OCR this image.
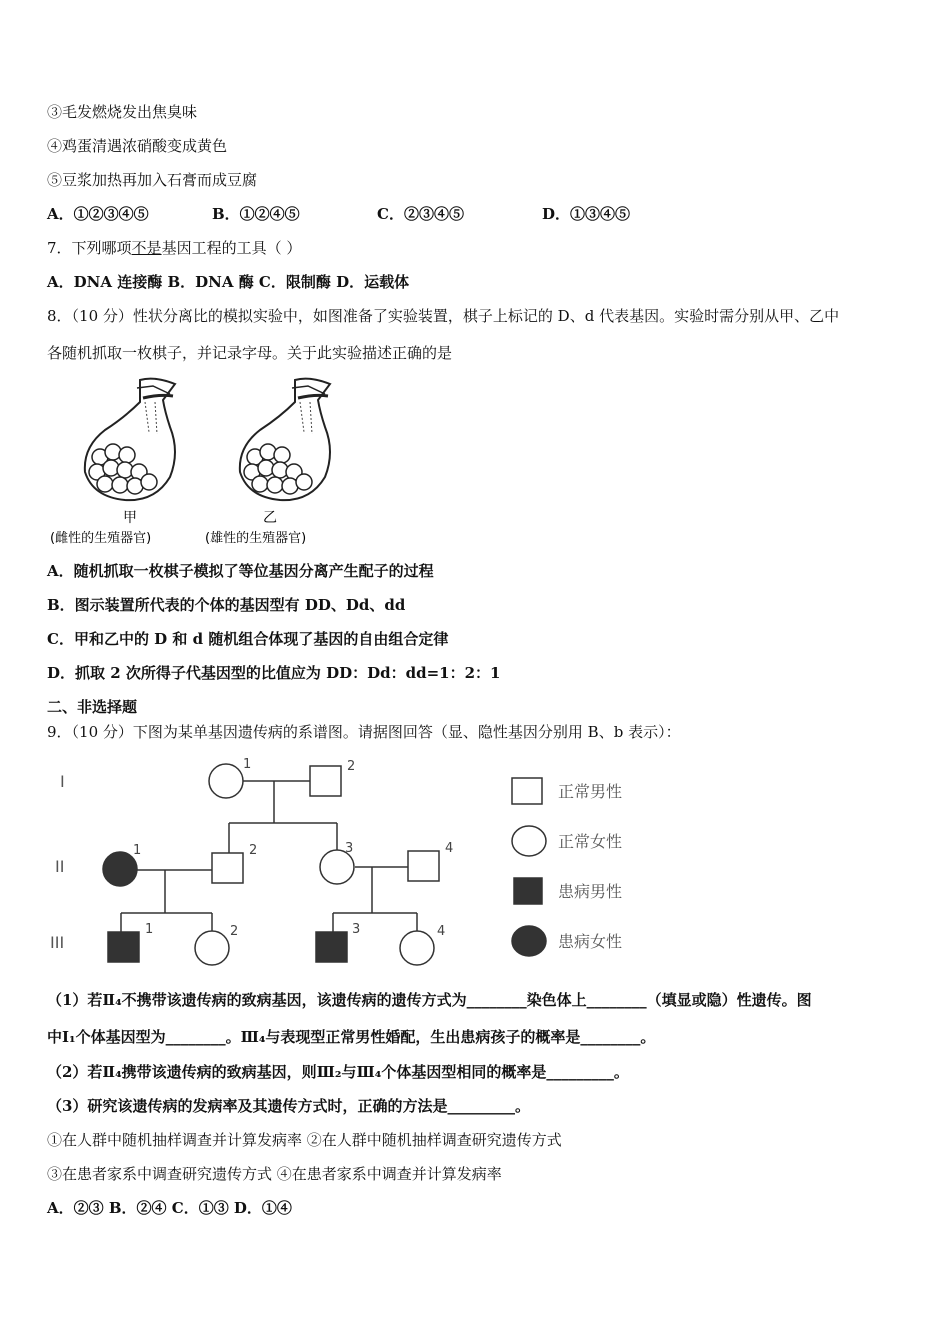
③毛发燃烧发出焦臭味
④鸡蛋清遇浓硝酸变成黄色
⑤豆浆加热再加入石膏而成豆腐
A．①②③④⑤	B．①②④⑤	C．②③④⑤	D．①③④⑤
7．下列哪项不是基因工程的工具（ ）
A．DNA 连接酶 B．DNA 酶 C．限制酶 D．运载体
8．（10 分）性状分离比的模拟实验中，如图准备了实验装置，棋子上标记的 D、d 代表基因。实验时需分别从甲、乙中
各随机抓取一枚棋子，并记录字母。关于此实验描述正确的是
甲
(雌性的生殖器官)
乙
(雄性的生殖器官)
A．随机抓取一枚棋子模拟了等位基因分离产生配子的过程
B．图示装置所代表的个体的基因型有 DD、Dd、dd
C．甲和乙中的 D 和 d 随机组合体现了基因的自由组合定律
D．抓取 2 次所得子代基因型的比值应为 DD：Dd：dd=1：2：1
二、非选择题
9．（10 分）下图为某单基因遗传病的系谱图。请据图回答（显、隐性基因分别用 B、b 表示）：
I
II
III
1	2
1	2	3	4
1	2	3	4
正常男性
正常女性
患病男性
患病女性
（1）若Ⅱ₄不携带该遗传病的致病基因，该遗传病的遗传方式为________染色体上________（填显或隐）性遗传。图
中Ⅰ₁个体基因型为________。Ⅲ₄与表现型正常男性婚配，生出患病孩子的概率是________。
（2）若Ⅱ₄携带该遗传病的致病基因，则Ⅲ₂与Ⅲ₄个体基因型相同的概率是_________。
（3）研究该遗传病的发病率及其遗传方式时，正确的方法是_________。
①在人群中随机抽样调查并计算发病率 ②在人群中随机抽样调查研究遗传方式
③在患者家系中调查研究遗传方式 ④在患者家系中调查并计算发病率
A．②③ B．②④ C．①③ D．①④
